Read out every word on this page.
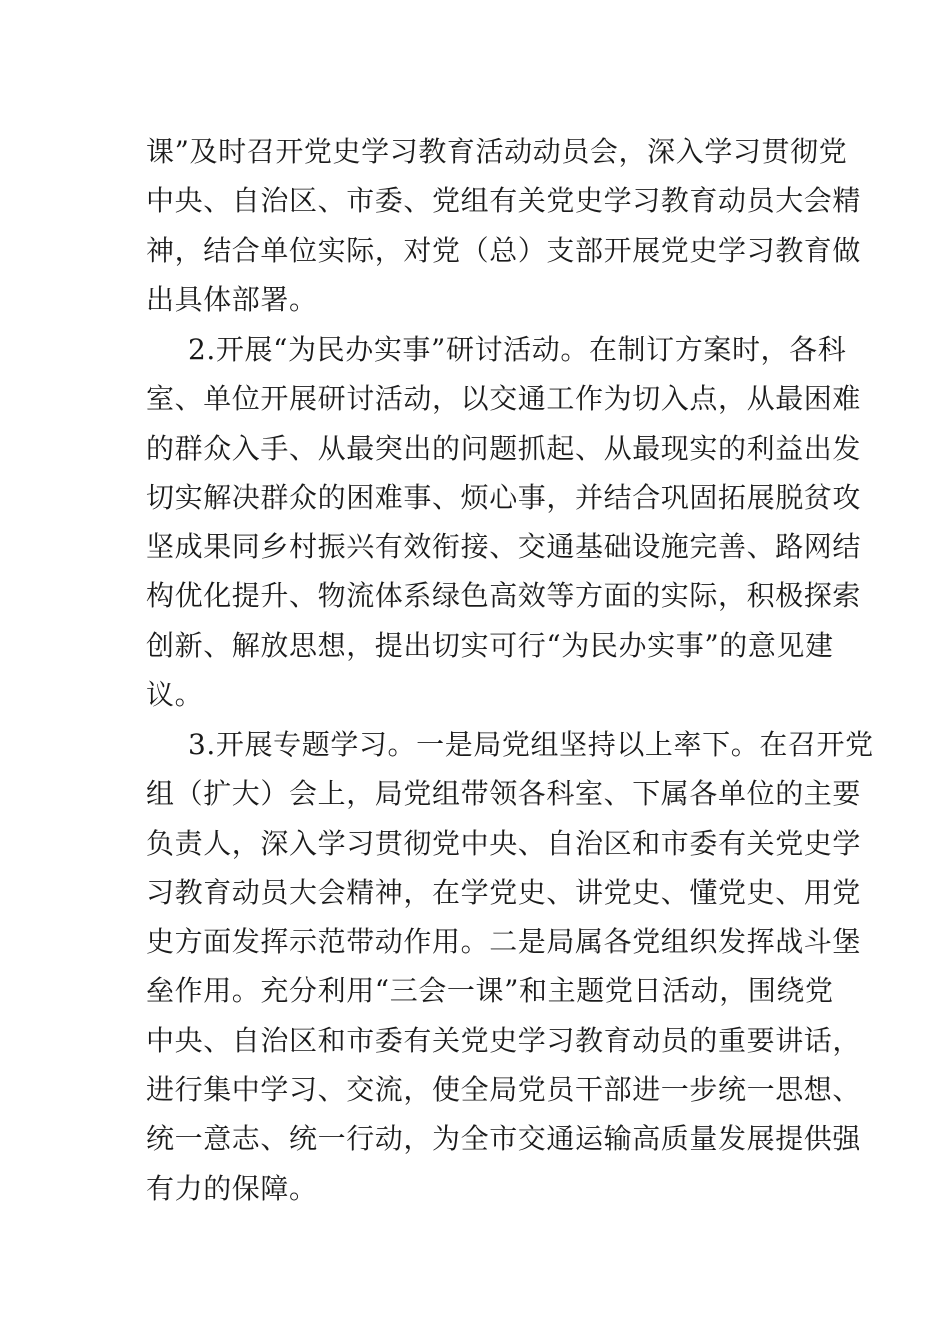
课”及时召开党史学习教育活动动员会，深入学习贯彻党
中央、自治区、市委、党组有关党史学习教育动员大会精
神，结合单位实际，对党（总）支部开展党史学习教育做
出具体部署。
2.开展“为民办实事”研讨活动。在制订方案时，各科
室、单位开展研讨活动，以交通工作为切入点，从最困难
的群众入手、从最突出的问题抓起、从最现实的利益出发
切实解决群众的困难事、烦心事，并结合巩固拓展脱贫攻
坚成果同乡村振兴有效衔接、交通基础设施完善、路网结
构优化提升、物流体系绿色高效等方面的实际，积极探索
创新、解放思想，提出切实可行“为民办实事”的意见建
议。
3.开展专题学习。一是局党组坚持以上率下。在召开党
组（扩大）会上，局党组带领各科室、下属各单位的主要
负责人，深入学习贯彻党中央、自治区和市委有关党史学
习教育动员大会精神，在学党史、讲党史、懂党史、用党
史方面发挥示范带动作用。二是局属各党组织发挥战斗堡
垒作用。充分利用“三会一课”和主题党日活动，围绕党
中央、自治区和市委有关党史学习教育动员的重要讲话，
进行集中学习、交流，使全局党员干部进一步统一思想、
统一意志、统一行动，为全市交通运输高质量发展提供强
有力的保障。
